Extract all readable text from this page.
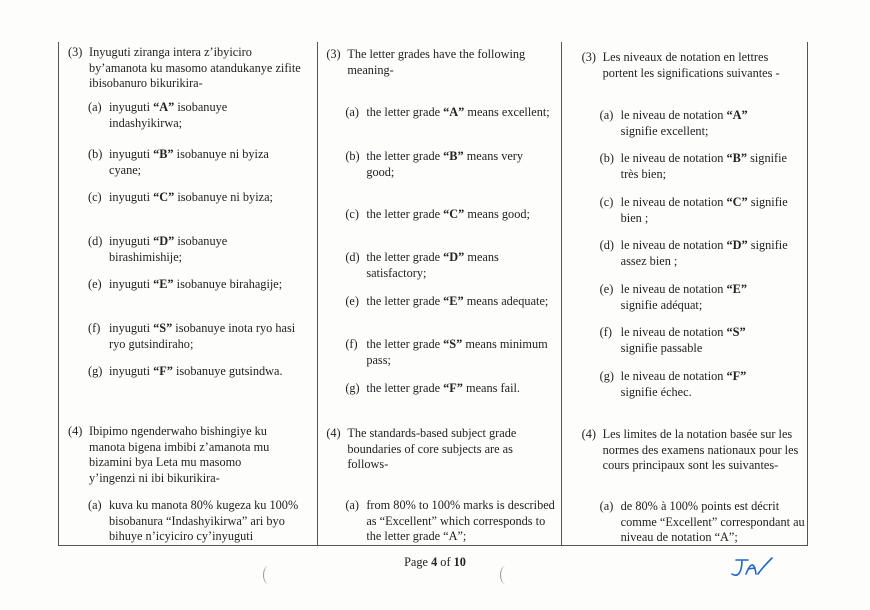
(3) Inyuguti ziranga intera z’ibyiciro by’amanota ku masomo atandukanye zifite ibisobanuro bikurikira-
(a) inyuguti “A” isobanuye indashyikirwa;
(b) inyuguti “B” isobanuye ni byiza cyane;
(c) inyuguti “C” isobanuye ni byiza;
(d) inyuguti “D” isobanuye birashimishije;
(e) inyuguti “E” isobanuye birahagije;
(f) inyuguti “S” isobanuye inota ryo hasi ryo gutsindiraho;
(g) inyuguti “F” isobanuye gutsindwa.
(4) Ibipimo ngenderwaho bishingiye ku manota bigena imbibi z’amanota mu bizamini bya Leta mu masomo y’ingenzi ni ibi bikurikira-
(a) kuva ku manota 80% kugeza ku 100% bisobanura “Indashyikirwa” ari byo bihuye n’icyiciro cy’inyuguti
(3) The letter grades have the following meaning-
(a) the letter grade “A” means excellent;
(b) the letter grade “B” means very good;
(c) the letter grade “C” means good;
(d) the letter grade “D” means satisfactory;
(e) the letter grade “E” means adequate;
(f) the letter grade “S” means minimum pass;
(g) the letter grade “F” means fail.
(4) The standards-based subject grade boundaries of core subjects are as follows-
(a) from 80% to 100% marks is described as “Excellent” which corresponds to the letter grade “A”;
(3) Les niveaux de notation en lettres portent les significations suivantes -
(a) le niveau de notation “A” signifie excellent;
(b) le niveau de notation “B” signifie très bien;
(c) le niveau de notation “C” signifie bien ;
(d) le niveau de notation “D” signifie assez bien ;
(e) le niveau de notation “E” signifie adéquat;
(f) le niveau de notation “S” signifie passable
(g) le niveau de notation “F” signifie échec.
(4) Les limites de la notation basée sur les normes des examens nationaux pour les cours principaux sont les suivantes-
(a) de 80% à 100% points est décrit comme “Excellent” correspondant au niveau de notation “A”;
Page 4 of 10
